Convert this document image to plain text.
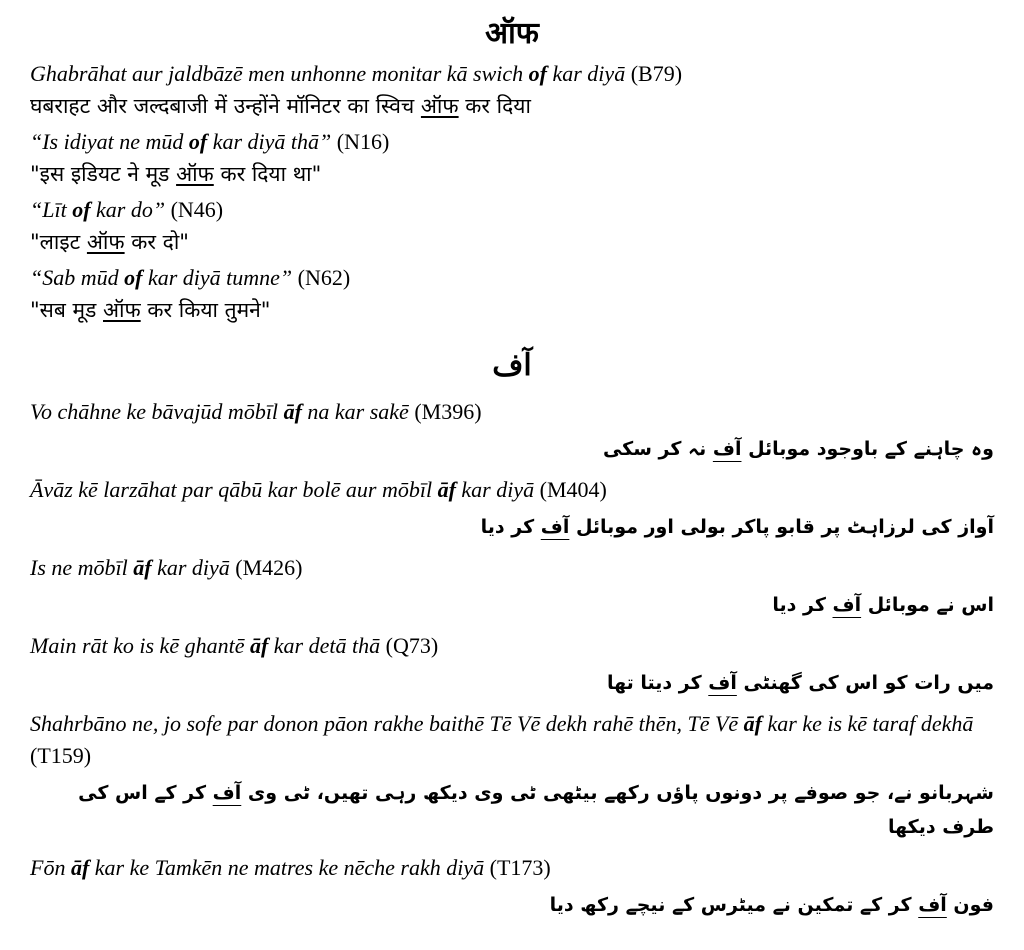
ऑफ

Ghabrāhat aur jaldbāzē men unhonne monitar kā swich of kar diyā (B79)

घबराहट और जल्दबाजी में उन्होंने मॉनिटर का स्विच ऑफ कर दिया

“Is idiyat ne mūd of kar diyā thā” (N16)

"इस इडियट ने मूड ऑफ कर दिया था"

“Līt of kar do” (N46)

"लाइट ऑफ कर दो"

“Sab mūd of kar diyā tumne” (N62)

"सब मूड ऑफ कर किया तुमने"

آف

Vo chāhne ke bāvajūd mōbīl āf na kar sakē (M396)

وہ چاہنے کے باوجود موبائل آف نہ کر سکی

Āvāz kē larzāhat par qābū kar bolē aur mōbīl āf kar diyā (M404)

آواز کی لرزاہٹ پر قابو پاکر بولی اور موبائل آف کر دیا

Is ne mōbīl āf kar diyā (M426)

اس نے موبائل آف کر دیا

Main rāt ko is kē ghantē āf kar detā thā (Q73)

میں رات کو اس کی گھنٹی آف کر دیتا تھا

Shahrbāno ne, jo sofe par donon pāon rakhe baithē Tē Vē dekh rahē thēn, Tē Vē āf kar ke is kē taraf dekhā (T159)

شہربانو نے، جو صوفے پر دونوں پاؤں رکھے بیٹھی ٹی وی دیکھ رہی تھیں، ٹی وی آف کر کے اس کی طرف دیکھا

Fōn āf kar ke Tamkēn ne matres ke nēche rakh diyā (T173)

فون آف کر کے تمکین نے میٹرس کے نیچے رکھ دیا
